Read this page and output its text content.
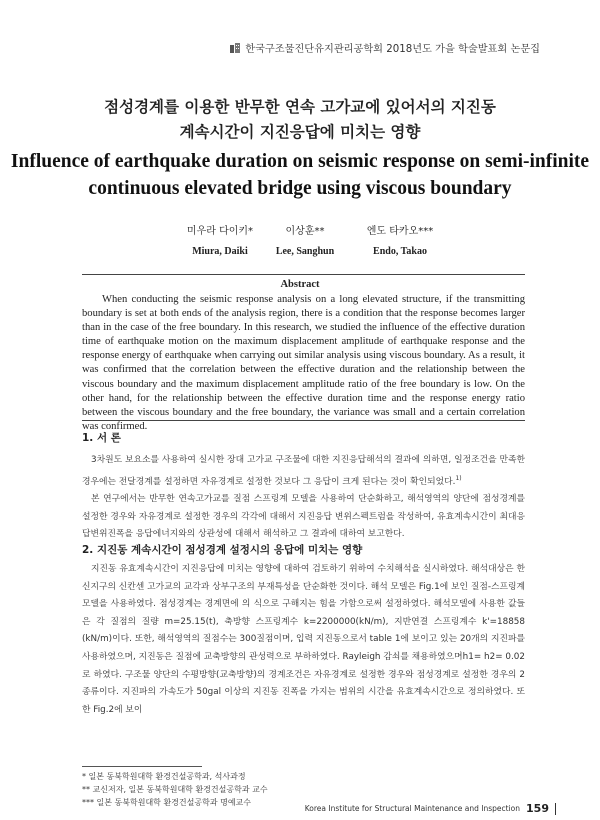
한국구조물진단유지관리공학회 2018년도 가을 학술발표회 논문집
점성경계를 이용한 반무한 연속 고가교에 있어서의 지진동
계속시간이 지진응답에 미치는 영향
Influence of earthquake duration on seismic response on semi-infinite
continuous elevated bridge using viscous boundary
미우라 다이키*
Miura, Daiki
이상훈**
Lee, Sanghun
엔도 타카오***
Endo, Takao
Abstract

When conducting the seismic response analysis on a long elevated structure, if the transmitting boundary is set at both ends of the analysis region, there is a condition that the response becomes larger than in the case of the free boundary. In this research, we studied the influence of the effective duration time of earthquake motion on the maximum displacement amplitude of earthquake response and the response energy of earthquake when carrying out similar analysis using viscous boundary. As a result, it was confirmed that the correlation between the effective duration and the relationship between the viscous boundary and the maximum displacement amplitude ratio of the free boundary is low. On the other hand, for the relationship between the effective duration time and the response energy ratio between the viscous boundary and the free boundary, the variance was small and a certain correlation was confirmed.

1. 서 론

3차원도 보요소를 사용하여 실시한 장대 고가교 구조물에 대한 지진응답해석의 결과에 의하면, 일정조건을 만족한 경우에는 전달경계를 설정하면 자유경계로 설정한 것보다 그 응답이 크게 된다는 것이 확인되었다.$^{1)}$

본 연구에서는 반무한 연속고가교를 질점 스프링계 모델을 사용하여 단순화하고, 해석영역의 양단에 점성경계를 설정한 경우와 자유경계로 설정한 경우의 각각에 대해서 지진응답 변위스펙트럼을 작성하여, 유효계속시간이 최대응답변위진폭을 응답에너지와의 상관성에 대해서 해석하고 그 결과에 대하여 보고한다.

2. 지진동 계속시간이 점성경계 설정시의 응답에 미치는 영향

지진동 유효계속시간이 지진응답에 미치는 영향에 대하여 검토하기 위하여 수치해석을 실시하였다. 해석대상은 한신지구의 신칸센 고가교의 교각과 상부구조의 부재특성을 단순화한 것이다. 해석 모델은 Fig.1에 보인 질점-스프링계 모델을 사용하였다. 점성경계는 경계면에 의 식으로 구해지는 힘을 가함으로써 설정하였다. 해석모델에 사용한 값들은 각 질점의 질량 m=25.15(t), 축방향 스프링계수 k=2200000(kN/m), 지반연결 스프링계수 k'=18858 (kN/m)이다. 또한, 해석영역의 질점수는 300질점이며, 입력 지진동으로서 table 1에 보이고 있는 20개의 지진파를 사용하였으며, 지진동은 질점에 교축방향의 관성력으로 부하하였다. Rayleigh 감쇠를 채용하였으며h1= h2= 0.02로 하였다. 구조물 양단의 수평방향(교축방향)의 경계조건은 자유경계로 설정한 경우와 점성경계로 설정한 경우의 2종류이다. 지진파의 가속도가 50gal 이상의 지진동 진폭을 가지는 범위의 시간을 유효계속시간으로 정의하였다. 또한 Fig.2에 보이

* 일본 동북학원대학 환경건설공학과, 석사과정
** 교신저자, 일본 동북학원대학 환경건설공학과 교수
*** 일본 동북학원대학 환경건설공학과 명예교수
Korea Institute for Structural Maintenance and Inspection 159
